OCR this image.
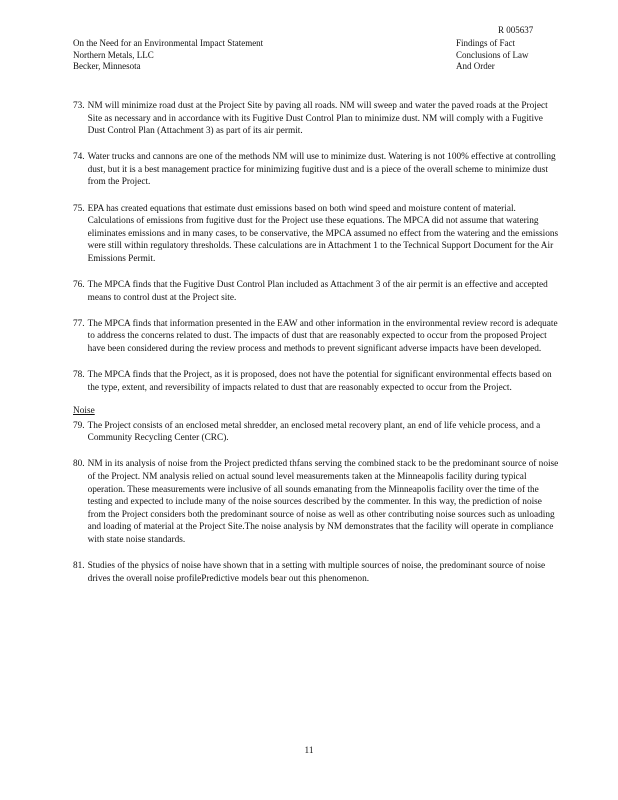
R 005637
On the Need for an Environmental Impact Statement
Northern Metals, LLC
Becker, Minnesota
Findings of Fact
Conclusions of Law
And Order
73. NM will minimize road dust at the Project Site by paving all roads. NM will sweep and water the paved roads at the Project Site as necessary and in accordance with its Fugitive Dust Control Plan to minimize dust. NM will comply with a Fugitive Dust Control Plan (Attachment 3) as part of its air permit.
74. Water trucks and cannons are one of the methods NM will use to minimize dust. Watering is not 100% effective at controlling dust, but it is a best management practice for minimizing fugitive dust and is a piece of the overall scheme to minimize dust from the Project.
75. EPA has created equations that estimate dust emissions based on both wind speed and moisture content of material. Calculations of emissions from fugitive dust for the Project use these equations. The MPCA did not assume that watering eliminates emissions and in many cases, to be conservative, the MPCA assumed no effect from the watering and the emissions were still within regulatory thresholds. These calculations are in Attachment 1 to the Technical Support Document for the Air Emissions Permit.
76. The MPCA finds that the Fugitive Dust Control Plan included as Attachment 3 of the air permit is an effective and accepted means to control dust at the Project site.
77. The MPCA finds that information presented in the EAW and other information in the environmental review record is adequate to address the concerns related to dust. The impacts of dust that are reasonably expected to occur from the proposed Project have been considered during the review process and methods to prevent significant adverse impacts have been developed.
78. The MPCA finds that the Project, as it is proposed, does not have the potential for significant environmental effects based on the type, extent, and reversibility of impacts related to dust that are reasonably expected to occur from the Project.
Noise
79. The Project consists of an enclosed metal shredder, an enclosed metal recovery plant, an end of life vehicle process, and a Community Recycling Center (CRC).
80. NM in its analysis of noise from the Project predicted thfans serving the combined stack to be the predominant source of noise of the Project. NM analysis relied on actual sound level measurements taken at the Minneapolis facility during typical operation. These measurements were inclusive of all sounds emanating from the Minneapolis facility over the time of the testing and expected to include many of the noise sources described by the commenter. In this way, the prediction of noise from the Project considers both the predominant source of noise as well as other contributing noise sources such as unloading and loading of material at the Project Site.The noise analysis by NM demonstrates that the facility will operate in compliance with state noise standards.
81. Studies of the physics of noise have shown that in a setting with multiple sources of noise, the predominant source of noise drives the overall noise profilePredictive models bear out this phenomenon.
11
